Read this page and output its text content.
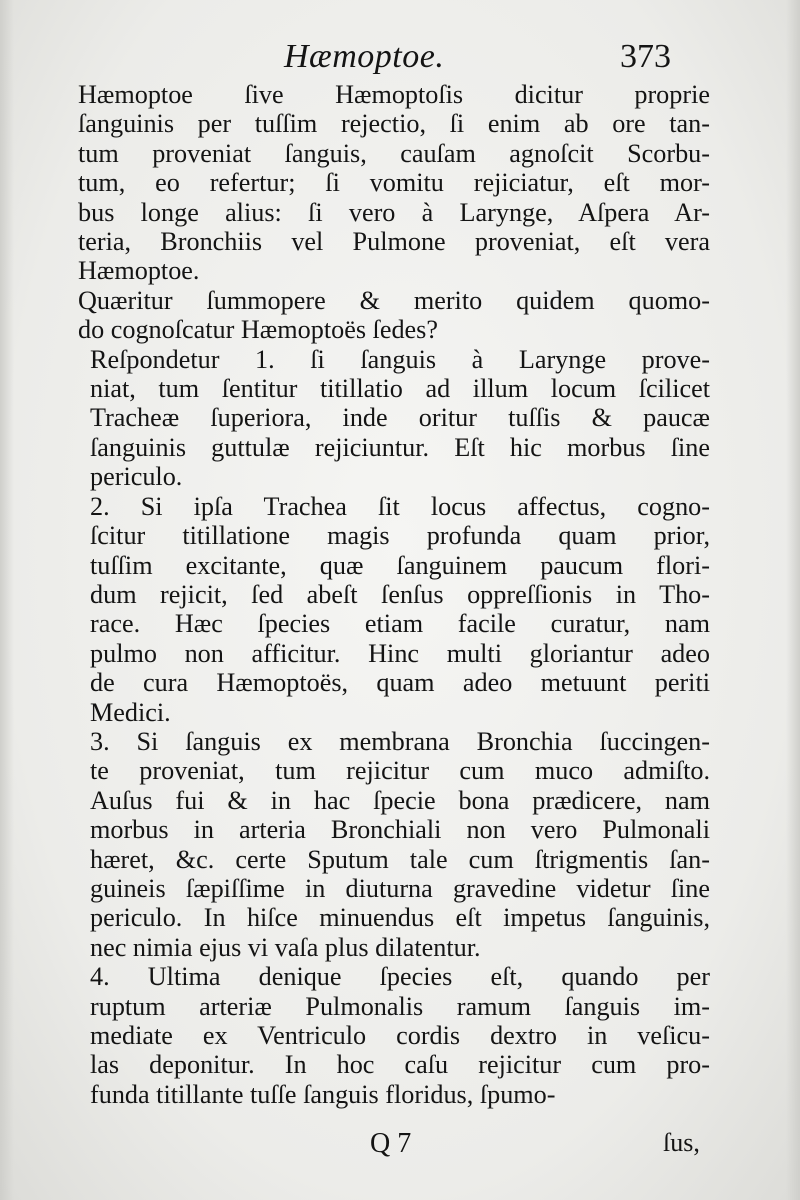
Hæmoptoe.	373

Hæmoptoe ſive Hæmoptoſis dicitur proprie
ſanguinis per tuſſim rejectio, ſi enim ab ore tan-
tum proveniat ſanguis, cauſam agnoſcit Scorbu-
tum, eo refertur; ſi vomitu rejiciatur, eſt mor-
bus longe alius: ſi vero à Larynge, Aſpera Ar-
teria, Bronchiis vel Pulmone proveniat, eſt vera
Hæmoptoe.

Quæritur ſummopere & merito quidem quomo-
do cognoſcatur Hæmoptoës ſedes?

Reſpondetur 1. ſi ſanguis à Larynge prove-
niat, tum ſentitur titillatio ad illum locum ſcilicet
Tracheæ ſuperiora, inde oritur tuſſis & paucæ
ſanguinis guttulæ rejiciuntur. Eſt hic morbus ſine
periculo.

2. Si ipſa Trachea ſit locus affectus, cogno-
ſcitur titillatione magis profunda quam prior,
tuſſim excitante, quæ ſanguinem paucum flori-
dum rejicit, ſed abeſt ſenſus oppreſſionis in Tho-
race. Hæc ſpecies etiam facile curatur, nam
pulmo non afficitur. Hinc multi gloriantur adeo
de cura Hæmoptoës, quam adeo metuunt periti
Medici.

3. Si ſanguis ex membrana Bronchia ſuccingen-
te proveniat, tum rejicitur cum muco admiſto.
Auſus fui & in hac ſpecie bona prædicere, nam
morbus in arteria Bronchiali non vero Pulmonali
hæret, &c. certe Sputum tale cum ſtrigmentis ſan-
guineis ſæpiſſime in diuturna gravedine videtur ſine
periculo. In hiſce minuendus eſt impetus ſanguinis,
nec nimia ejus vi vaſa plus dilatentur.

4. Ultima denique ſpecies eſt, quando per
ruptum arteriæ Pulmonalis ramum ſanguis im-
mediate ex Ventriculo cordis dextro in veſicu-
las deponitur. In hoc caſu rejicitur cum pro-
funda titillante tuſſe ſanguis floridus, ſpumo-

Q 7	ſus,
